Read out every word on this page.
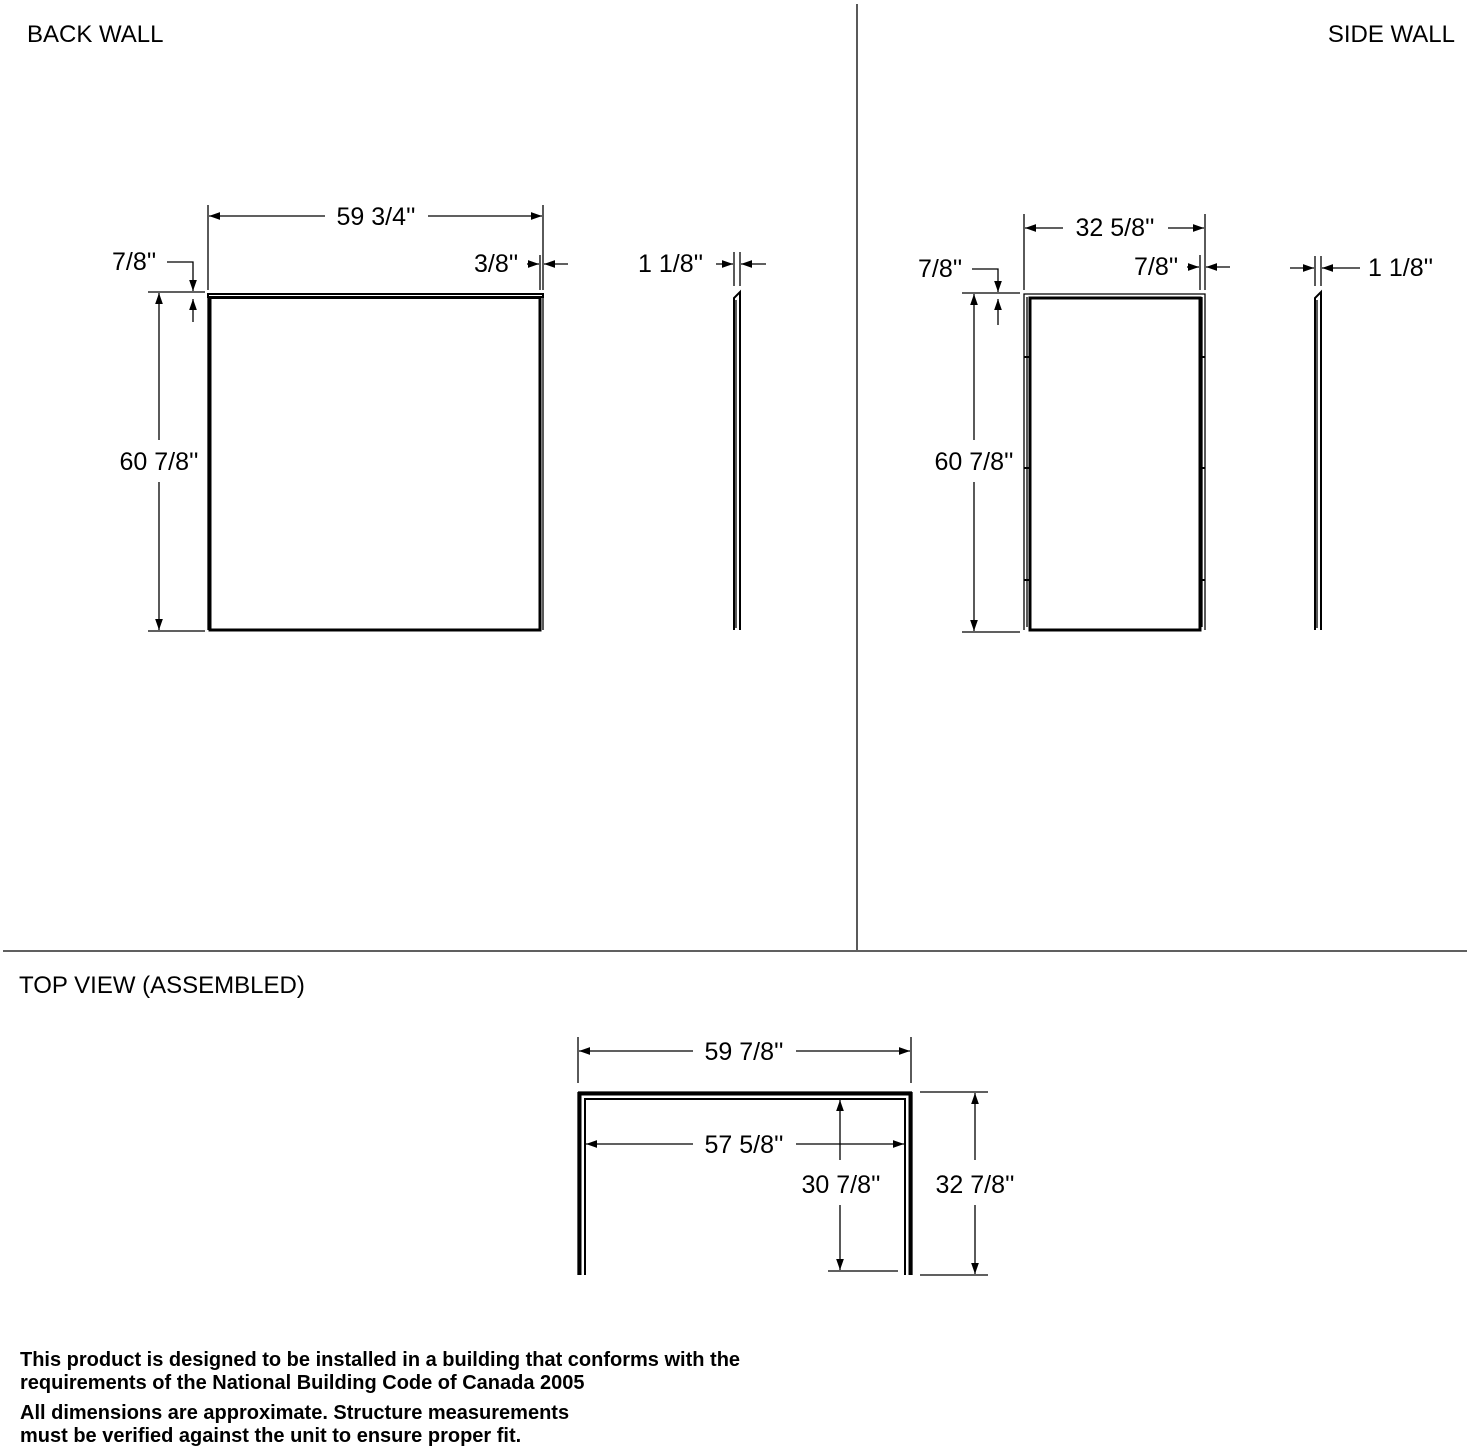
BACK WALL	SIDE WALL
TOP VIEW (ASSEMBLED)
59 3/4''
7/8''	3/8''
60 7/8''
1 1/8''
32 5/8''
7/8''	7/8''
60 7/8''
1 1/8''
59 7/8''
57 5/8''
30 7/8'' 32 7/8''
This product is designed to be installed in a building that conforms with the
requirements of the National Building Code of Canada 2005
All dimensions are approximate. Structure measurements
must be verified against the unit to ensure proper fit.
